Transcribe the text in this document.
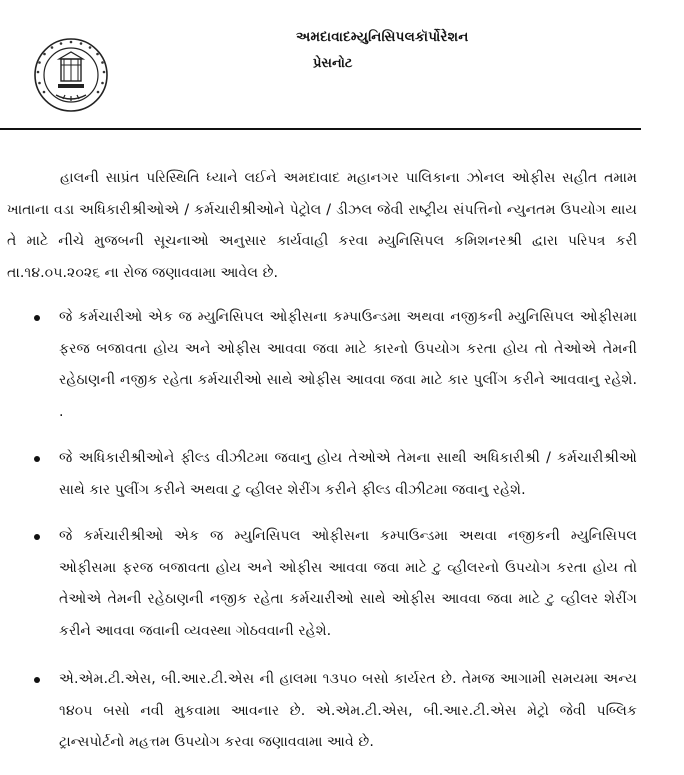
અમદાવાદમ્યુનિસિપલકૉર્પોરેશન
પ્રેસનોટ

હાલની સાપ્રંત પરિસ્થિતિ ધ્યાને લઈને અમદાવાદ મહાનગર પાલિકાના ઝોનલ ઓફીસ સહીત તમામ ખાતાના વડા અધિકારીશ્રીઓએ / કર્મચારીશ્રીઓને પેટ્રોલ / ડીઝલ જેવી રાષ્ટ્રીય સંપત્તિનો ન્યુનતમ ઉપયોગ થાય તે માટે નીચે મુજબની સૂચનાઓ અનુસાર કાર્યવાહી કરવા મ્યુનિસિપલ કમિશનરશ્રી દ્વારા પરિપત્ર કરી તા.૧૪.૦૫.૨૦૨૬ ના રોજ જણાવવામા આવેલ છે.

જે કર્મચારીઓ એક જ મ્યુનિસિપલ ઓફીસના કમ્પાઉન્ડમા અથવા નજીકની મ્યુનિસિપલ ઓફીસમા ફરજ બજાવતા હોય અને ઓફીસ આવવા જવા માટે કારનો ઉપયોગ કરતા હોય તો તેઓએ તેમની રહેઠાણની નજીક રહેતા કર્મચારીઓ સાથે ઓફીસ આવવા જવા માટે કાર પુલીંગ કરીને આવવાનુ રહેશે. .
જે અધિકારીશ્રીઓને ફીલ્ડ વીઝીટમા જવાનુ હોય તેઓએ તેમના સાથી અધિકારીશ્રી / કર્મચારીશ્રીઓ સાથે કાર પુલીંગ કરીને અથવા ટુ વ્હીલર શેરીંગ કરીને ફીલ્ડ વીઝીટમા જવાનુ રહેશે.
જે કર્મચારીશ્રીઓ એક જ મ્યુનિસિપલ ઓફીસના કમ્પાઉન્ડમા અથવા નજીકની મ્યુનિસિપલ ઓફીસમા ફરજ બજાવતા હોય અને ઓફીસ આવવા જવા માટે ટુ વ્હીલરનો ઉપયોગ કરતા હોય તો તેઓએ તેમની રહેઠાણની નજીક રહેતા કર્મચારીઓ સાથે ઓફીસ આવવા જવા માટે ટુ વ્હીલર શેરીંગ કરીને આવવા જવાની વ્યવસ્થા ગોઠવવાની રહેશે.
એ.એમ.ટી.એસ, બી.આર.ટી.એસ ની હાલમા ૧૩૫૦ બસો કાર્યરત છે. તેમજ આગામી સમયમા અન્ય ૧૪૦૫ બસો નવી મુકવામા આવનાર છે. એ.એમ.ટી.એસ, બી.આર.ટી.એસ મેટ્રો જેવી પબ્લિક ટ્રાન્સપોર્ટનો મહત્તમ ઉપયોગ કરવા જણાવવામા આવે છે.
